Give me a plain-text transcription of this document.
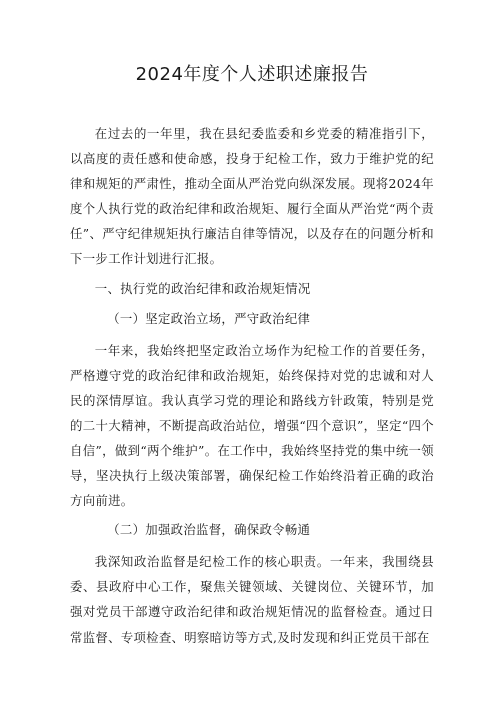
2024年度个人述职述廉报告

在过去的一年里，我在县纪委监委和乡党委的精准指引下，以高度的责任感和使命感，投身于纪检工作，致力于维护党的纪律和规矩的严肃性，推动全面从严治党向纵深发展。现将2024年度个人执行党的政治纪律和政治规矩、履行全面从严治党“两个责任”、严守纪律规矩执行廉洁自律等情况，以及存在的问题分析和下一步工作计划进行汇报。

一、执行党的政治纪律和政治规矩情况
（一）坚定政治立场，严守政治纪律

一年来，我始终把坚定政治立场作为纪检工作的首要任务，严格遵守党的政治纪律和政治规矩，始终保持对党的忠诚和对人民的深情厚谊。我认真学习党的理论和路线方针政策，特别是党的二十大精神，不断提高政治站位，增强“四个意识”，坚定“四个自信”，做到“两个维护”。在工作中，我始终坚持党的集中统一领导，坚决执行上级决策部署，确保纪检工作始终沿着正确的政治方向前进。

（二）加强政治监督，确保政令畅通

我深知政治监督是纪检工作的核心职责。一年来，我围绕县委、县政府中心工作，聚焦关键领域、关键岗位、关键环节，加强对党员干部遵守政治纪律和政治规矩情况的监督检查。通过日常监督、专项检查、明察暗访等方式,及时发现和纠正党员干部在
